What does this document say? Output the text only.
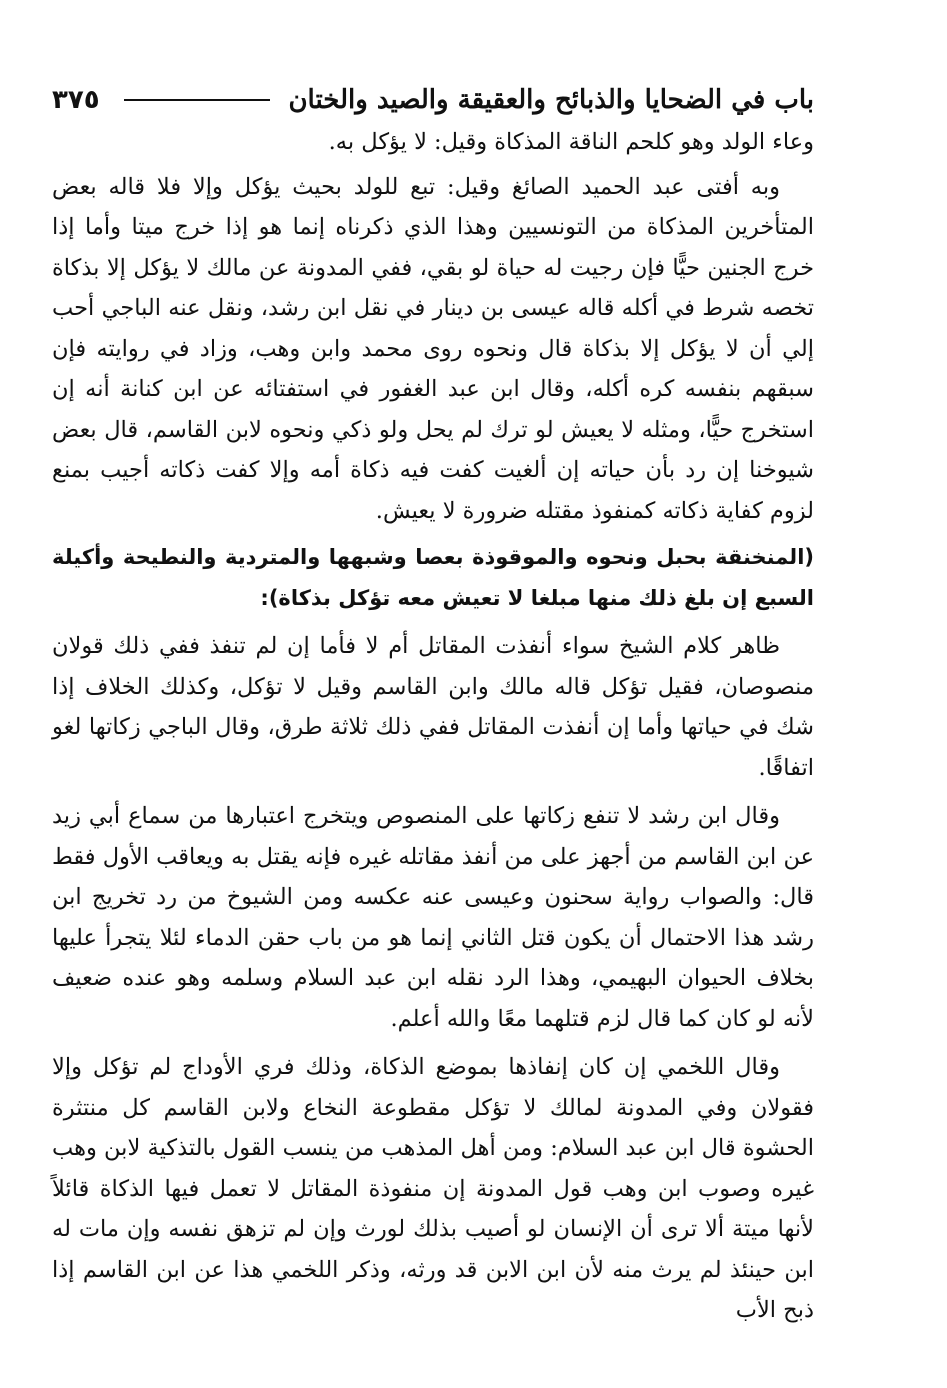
باب في الضحايا والذبائح والعقيقة والصيد والختان
٣٧٥

وعاء الولد وهو كلحم الناقة المذكاة وقيل: لا يؤكل به.

وبه أفتى عبد الحميد الصائغ وقيل: تبع للولد بحيث يؤكل وإلا فلا قاله بعض المتأخرين المذكاة من التونسيين وهذا الذي ذكرناه إنما هو إذا خرج ميتا وأما إذا خرج الجنين حيًّا فإن رجيت له حياة لو بقي، ففي المدونة عن مالك لا يؤكل إلا بذكاة تخصه شرط في أكله قاله عيسى بن دينار في نقل ابن رشد، ونقل عنه الباجي أحب إلي أن لا يؤكل إلا بذكاة قال ونحوه روى محمد وابن وهب، وزاد في روايته فإن سبقهم بنفسه كره أكله، وقال ابن عبد الغفور في استفتائه عن ابن كنانة أنه إن استخرج حيًّا، ومثله لا يعيش لو ترك لم يحل ولو ذكي ونحوه لابن القاسم، قال بعض شيوخنا إن رد بأن حياته إن ألغيت كفت فيه ذكاة أمه وإلا كفت ذكاته أجيب بمنع لزوم كفاية ذكاته كمنفوذ مقتله ضرورة لا يعيش.

(المنخنقة بحبل ونحوه والموقوذة بعصا وشبهها والمتردية والنطيحة وأكيلة السبع إن بلغ ذلك منها مبلغا لا تعيش معه تؤكل بذكاة):

ظاهر كلام الشيخ سواء أنفذت المقاتل أم لا فأما إن لم تنفذ ففي ذلك قولان منصوصان، فقيل تؤكل قاله مالك وابن القاسم وقيل لا تؤكل، وكذلك الخلاف إذا شك في حياتها وأما إن أنفذت المقاتل ففي ذلك ثلاثة طرق، وقال الباجي زكاتها لغو اتفاقًا.

وقال ابن رشد لا تنفع زكاتها على المنصوص ويتخرج اعتبارها من سماع أبي زيد عن ابن القاسم من أجهز على من أنفذ مقاتله غيره فإنه يقتل به ويعاقب الأول فقط قال: والصواب رواية سحنون وعيسى عنه عكسه ومن الشيوخ من رد تخريج ابن رشد هذا الاحتمال أن يكون قتل الثاني إنما هو من باب حقن الدماء لئلا يتجرأ عليها بخلاف الحيوان البهيمي، وهذا الرد نقله ابن عبد السلام وسلمه وهو عنده ضعيف لأنه لو كان كما قال لزم قتلهما معًا والله أعلم.

وقال اللخمي إن كان إنفاذها بموضع الذكاة، وذلك فري الأوداج لم تؤكل وإلا فقولان وفي المدونة لمالك لا تؤكل مقطوعة النخاع ولابن القاسم كل منتثرة الحشوة قال ابن عبد السلام: ومن أهل المذهب من ينسب القول بالتذكية لابن وهب غيره وصوب ابن وهب قول المدونة إن منفوذة المقاتل لا تعمل فيها الذكاة قائلاً لأنها ميتة ألا ترى أن الإنسان لو أصيب بذلك لورث وإن لم تزهق نفسه وإن مات له ابن حينئذ لم يرث منه لأن ابن الابن قد ورثه، وذكر اللخمي هذا عن ابن القاسم إذا ذبح الأب
